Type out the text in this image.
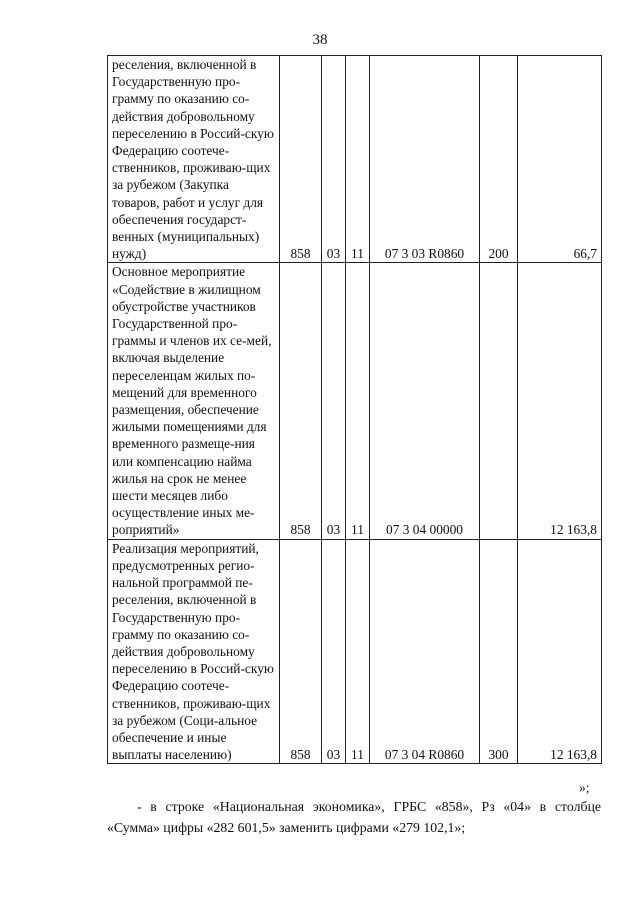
38
реселения, включенной в Государственную про-граммy по оказанию со-действия добровольному переселению в Россий-скую Федерацию соотече-ственников, проживаю-щих за рубежом (Закупка товаров, работ и услуг для обеспечения государст-венных (муниципальных) нужд)	858	03	11	07 3 03 R0860	200	66,7
Основное мероприятие «Содействие в жилищном обустройстве участников Государственной про-граммы и членов их се-мей, включая выделение переселенцам жилых по-мещений для временного размещения, обеспечение жилыми помещениями для временного размеще-ния или компенсацию найма жилья на срок не менее шести месяцев либо осуществление иных ме-роприятий»	858	03	11	07 3 04 00000		12 163,8
Реализация мероприятий, предусмотренных регио-нальной программой пе-реселения, включенной в Государственную про-грамму по оказанию со-действия добровольному переселению в Россий-скую Федерацию соотече-ственников, проживаю-щих за рубежом (Соци-альное обеспечение и иные выплаты населению)	858	03	11	07 3 04 R0860	300	12 163,8
»;
- в строке «Национальная экономика», ГРБС «858», Рз «04» в столбце «Сумма» цифры «282 601,5» заменить цифрами «279 102,1»;
